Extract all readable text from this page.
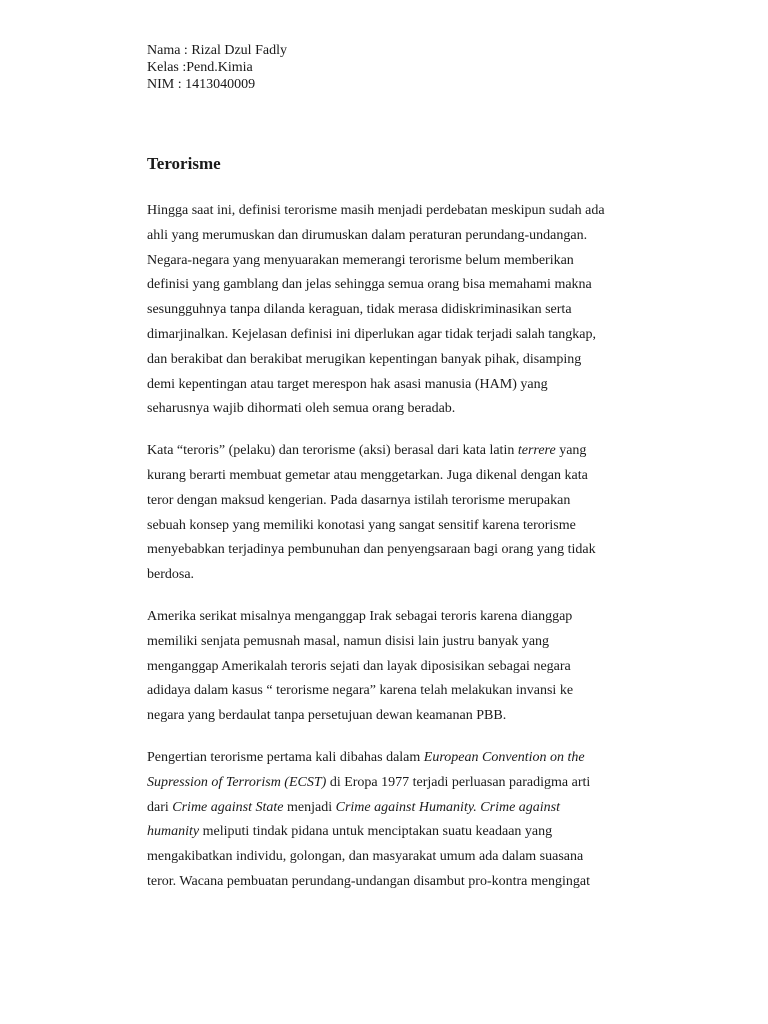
Nama : Rizal Dzul Fadly
Kelas :Pend.Kimia
NIM : 1413040009
Terorisme

Hingga saat ini, definisi terorisme masih menjadi perdebatan meskipun sudah ada
ahli yang merumuskan dan dirumuskan dalam peraturan perundang-undangan.
Negara-negara yang menyuarakan memerangi terorisme belum memberikan
definisi yang gamblang dan jelas sehingga semua orang bisa memahami makna
sesungguhnya tanpa dilanda keraguan, tidak merasa didiskriminasikan serta
dimarjinalkan. Kejelasan definisi ini diperlukan agar tidak terjadi salah tangkap,
dan berakibat dan berakibat merugikan kepentingan banyak pihak, disamping
demi kepentingan atau target merespon hak asasi manusia (HAM) yang
seharusnya wajib dihormati oleh semua orang beradab.

Kata “teroris” (pelaku) dan terorisme (aksi) berasal dari kata latin terrere yang
kurang berarti membuat gemetar atau menggetarkan. Juga dikenal dengan kata
teror dengan maksud kengerian. Pada dasarnya istilah terorisme merupakan
sebuah konsep yang memiliki konotasi yang sangat sensitif karena terorisme
menyebabkan terjadinya pembunuhan dan penyengsaraan bagi orang yang tidak
berdosa.

Amerika serikat misalnya menganggap Irak sebagai teroris karena dianggap
memiliki senjata pemusnah masal, namun disisi lain justru banyak yang
menganggap Amerikalah teroris sejati dan layak diposisikan sebagai negara
adidaya dalam kasus “ terorisme negara” karena telah melakukan invansi ke
negara yang berdaulat tanpa persetujuan dewan keamanan PBB.

Pengertian terorisme pertama kali dibahas dalam European Convention on the
Supression of Terrorism (ECST) di Eropa 1977 terjadi perluasan paradigma arti
dari Crime against State menjadi Crime against Humanity. Crime against
humanity meliputi tindak pidana untuk menciptakan suatu keadaan yang
mengakibatkan individu, golongan, dan masyarakat umum ada dalam suasana
teror. Wacana pembuatan perundang-undangan disambut pro-kontra mengingat
